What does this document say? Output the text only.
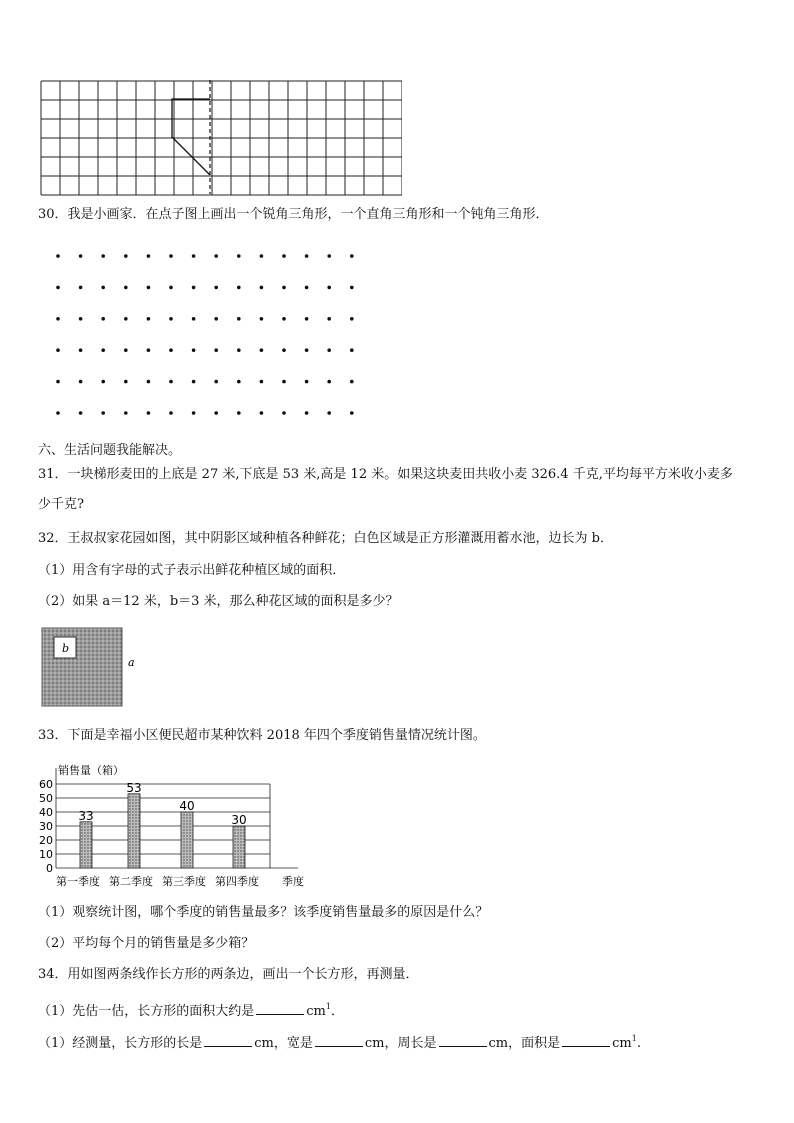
30．我是小画家．在点子图上画出一个锐角三角形，一个直角三角形和一个钝角三角形．
六、生活问题我能解决。
31．一块梯形麦田的上底是 27 米,下底是 53 米,高是 12 米。如果这块麦田共收小麦 326.4 千克,平均每平方米收小麦多
少千克?
32．王叔叔家花园如图，其中阴影区域种植各种鲜花；白色区域是正方形灌溉用蓄水池，边长为 b．
（1）用含有字母的式子表示出鲜花种植区域的面积．
（2）如果 a＝12 米，b＝3 米，那么种花区域的面积是多少？
b
a
33．下面是幸福小区便民超市某种饮料 2018 年四个季度销售量情况统计图。
销售量（箱）
0
10
20
30
40
50
60
33
53
40
30
第一季度 第二季度 第三季度 第四季度 季度
（1）观察统计图，哪个季度的销售量最多？该季度销售量最多的原因是什么？
（2）平均每个月的销售量是多少箱？
34．用如图两条线作长方形的两条边，画出一个长方形，再测量．
（1）先估一估，长方形的面积大约是	$cm^1$．
（1）经测量，长方形的长是	cm，宽是	cm，周长是	cm，面积是	$cm^1$.
